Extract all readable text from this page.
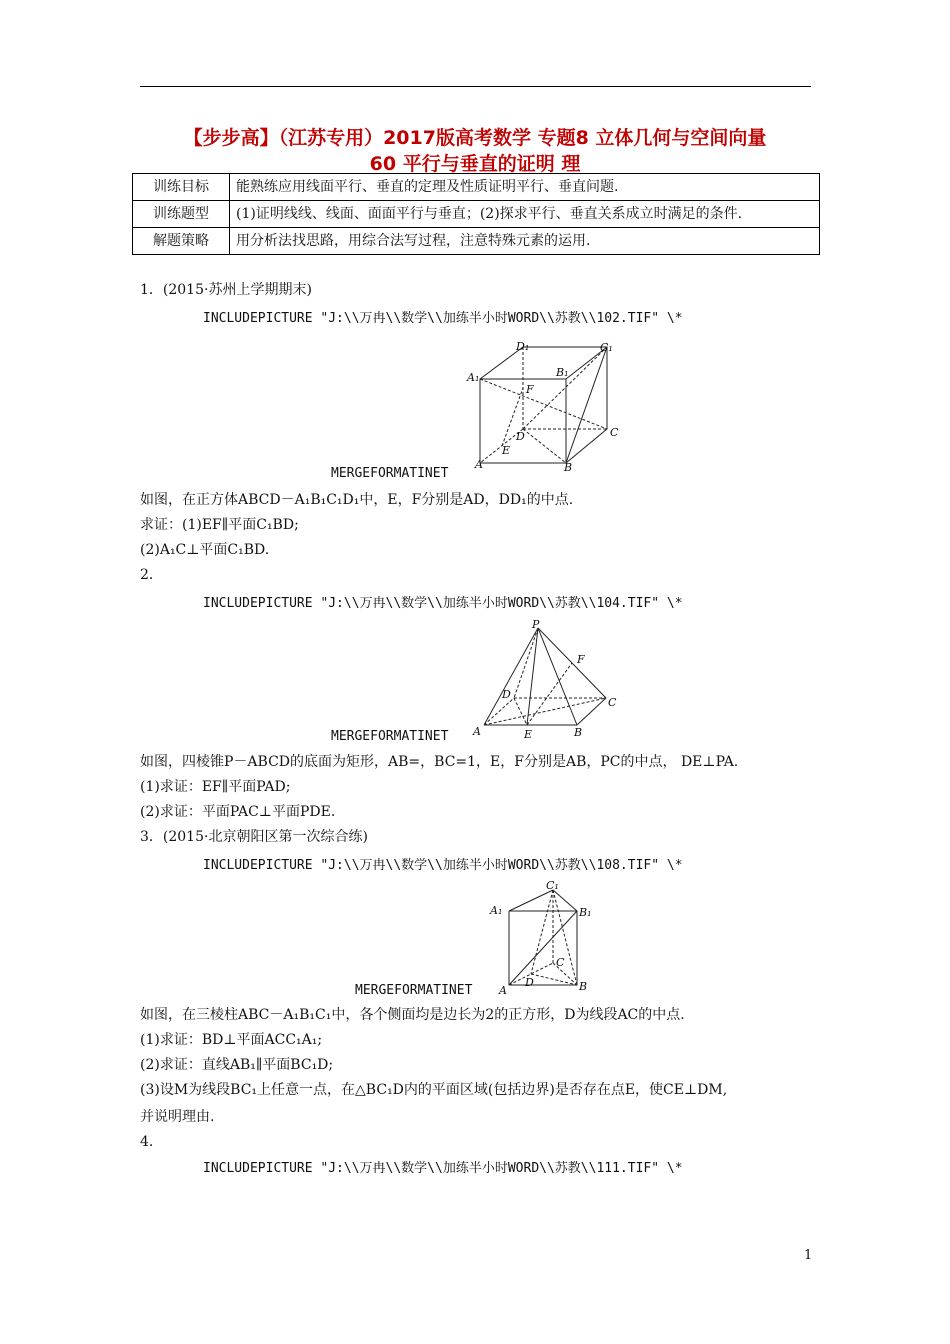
【步步高】（江苏专用）2017版高考数学 专题8 立体几何与空间向量
60 平行与垂直的证明 理
训练目标	能熟练应用线面平行、垂直的定理及性质证明平行、垂直问题.
训练题型	(1)证明线线、线面、面面平行与垂直；(2)探求平行、垂直关系成立时满足的条件.
解题策略	用分析法找思路，用综合法写过程，注意特殊元素的运用.
1．(2015·苏州上学期期末)
INCLUDEPICTURE "J:\\万冉\\数学\\加练半小时WORD\\苏教\\102.TIF" \*
D₁	C₁
A₁	B₁
F
D
E
C
A	B
MERGEFORMATINET
如图，在正方体ABCD－A₁B₁C₁D₁中，E，F分别是AD，DD₁的中点.
求证：(1)EF∥平面C₁BD;
(2)A₁C⊥平面C₁BD.
2．
INCLUDEPICTURE "J:\\万冉\\数学\\加练半小时WORD\\苏教\\104.TIF" \*
P
F
D
C
A	E	B
MERGEFORMATINET
如图，四棱锥P－ABCD的底面为矩形，AB=，BC=1，E，F分别是AB，PC的中点， DE⊥PA.
(1)求证：EF∥平面PAD;
(2)求证：平面PAC⊥平面PDE.
3．(2015·北京朝阳区第一次综合练)
INCLUDEPICTURE "J:\\万冉\\数学\\加练半小时WORD\\苏教\\108.TIF" \*
C₁
A₁	B₁
C
D
A	B
MERGEFORMATINET
如图，在三棱柱ABC－A₁B₁C₁中，各个侧面均是边长为2的正方形，D为线段AC的中点.
(1)求证：BD⊥平面ACC₁A₁;
(2)求证：直线AB₁∥平面BC₁D;
(3)设M为线段BC₁上任意一点，在△BC₁D内的平面区域(包括边界)是否存在点E，使CE⊥DM,
并说明理由.
4．
INCLUDEPICTURE "J:\\万冉\\数学\\加练半小时WORD\\苏教\\111.TIF" \*
1
